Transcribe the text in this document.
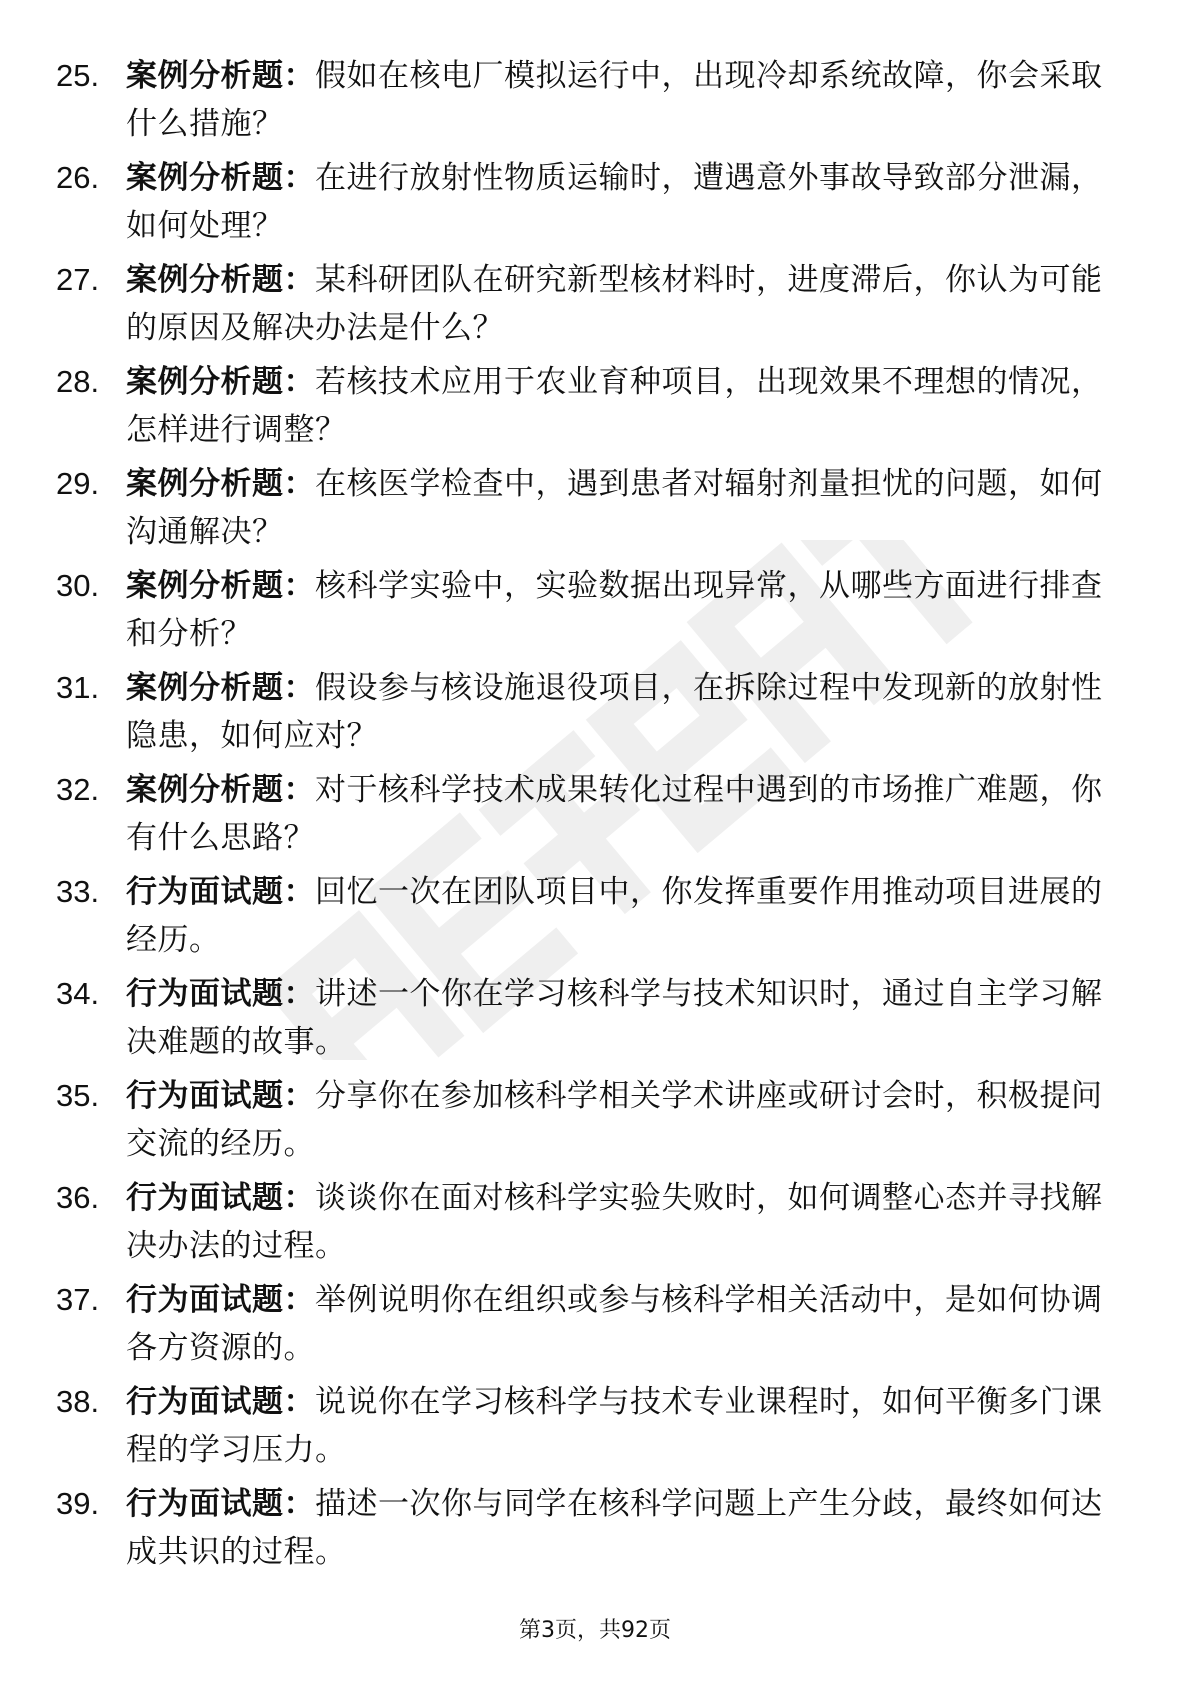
25. 案例分析题：假如在核电厂模拟运行中，出现冷却系统故障，你会采取什么措施？
26. 案例分析题：在进行放射性物质运输时，遭遇意外事故导致部分泄漏，如何处理？
27. 案例分析题：某科研团队在研究新型核材料时，进度滞后，你认为可能的原因及解决办法是什么？
28. 案例分析题：若核技术应用于农业育种项目，出现效果不理想的情况，怎样进行调整？
29. 案例分析题：在核医学检查中，遇到患者对辐射剂量担忧的问题，如何沟通解决？
30. 案例分析题：核科学实验中，实验数据出现异常，从哪些方面进行排查和分析？
31. 案例分析题：假设参与核设施退役项目，在拆除过程中发现新的放射性隐患，如何应对？
32. 案例分析题：对于核科学技术成果转化过程中遇到的市场推广难题，你有什么思路？
33. 行为面试题：回忆一次在团队项目中，你发挥重要作用推动项目进展的经历。
34. 行为面试题：讲述一个你在学习核科学与技术知识时，通过自主学习解决难题的故事。
35. 行为面试题：分享你在参加核科学相关学术讲座或研讨会时，积极提问交流的经历。
36. 行为面试题：谈谈你在面对核科学实验失败时，如何调整心态并寻找解决办法的过程。
37. 行为面试题：举例说明你在组织或参与核科学相关活动中，是如何协调各方资源的。
38. 行为面试题：说说你在学习核科学与技术专业课程时，如何平衡多门课程的学习压力。
39. 行为面试题：描述一次你与同学在核科学问题上产生分歧，最终如何达成共识的过程。
第3页，共92页
